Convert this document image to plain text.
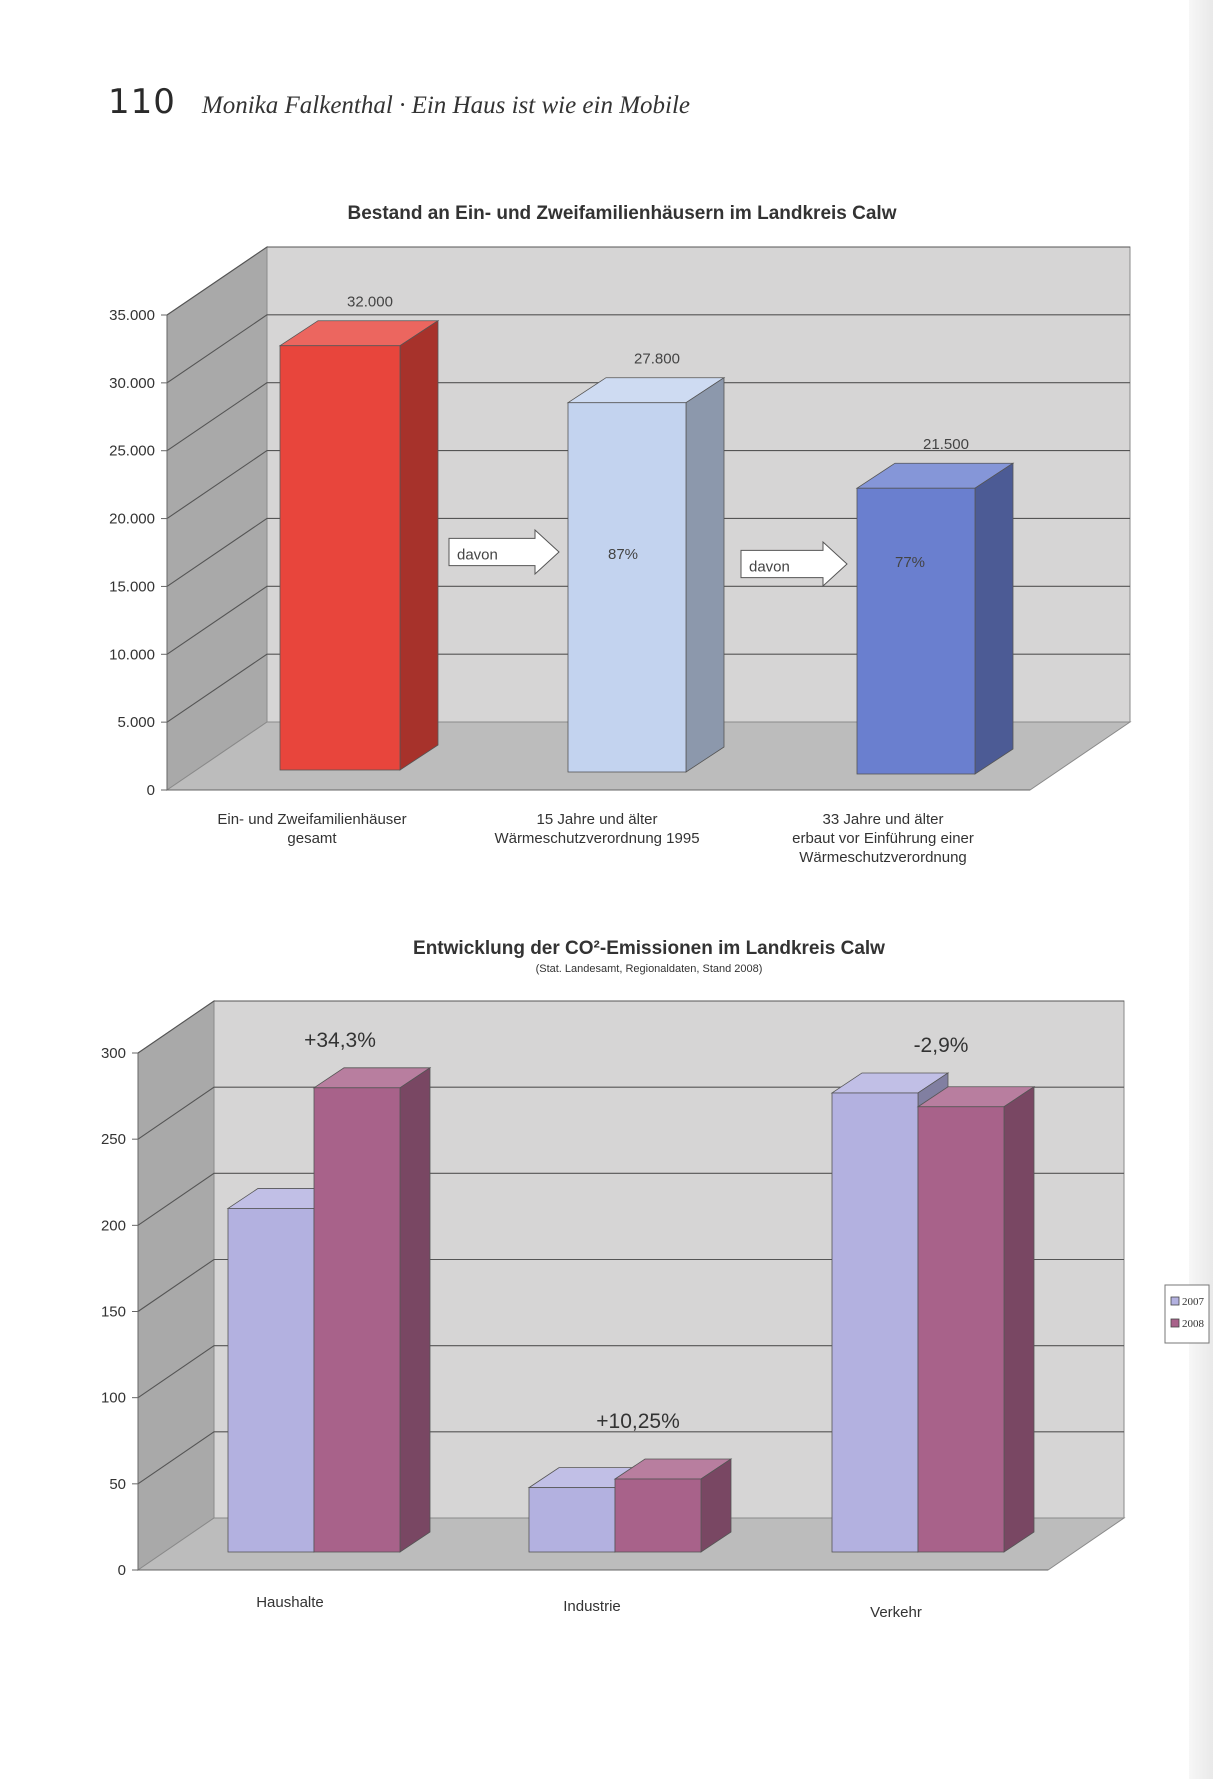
110 Monika Falkenthal · Ein Haus ist wie ein Mobile
0
5.000
10.000
15.000
20.000
25.000
30.000
35.000
Bestand an Ein- und Zweifamilienhäusern im Landkreis Calw
32.000
27.800
21.500
davon
davon
87%	77%
Ein- und Zweifamilienhäuser
gesamt
15 Jahre und älter
Wärmeschutzverordnung 1995
33 Jahre und älter
erbaut vor Einführung einer
Wärmeschutzverordnung
0
50
100
150
200
250
300
Entwicklung der CO²-Emissionen im Landkreis Calw
(Stat. Landesamt, Regionaldaten, Stand 2008)
+34,3%
+10,25%
-2,9%
Haushalte	Industrie	Verkehr
2007
2008
